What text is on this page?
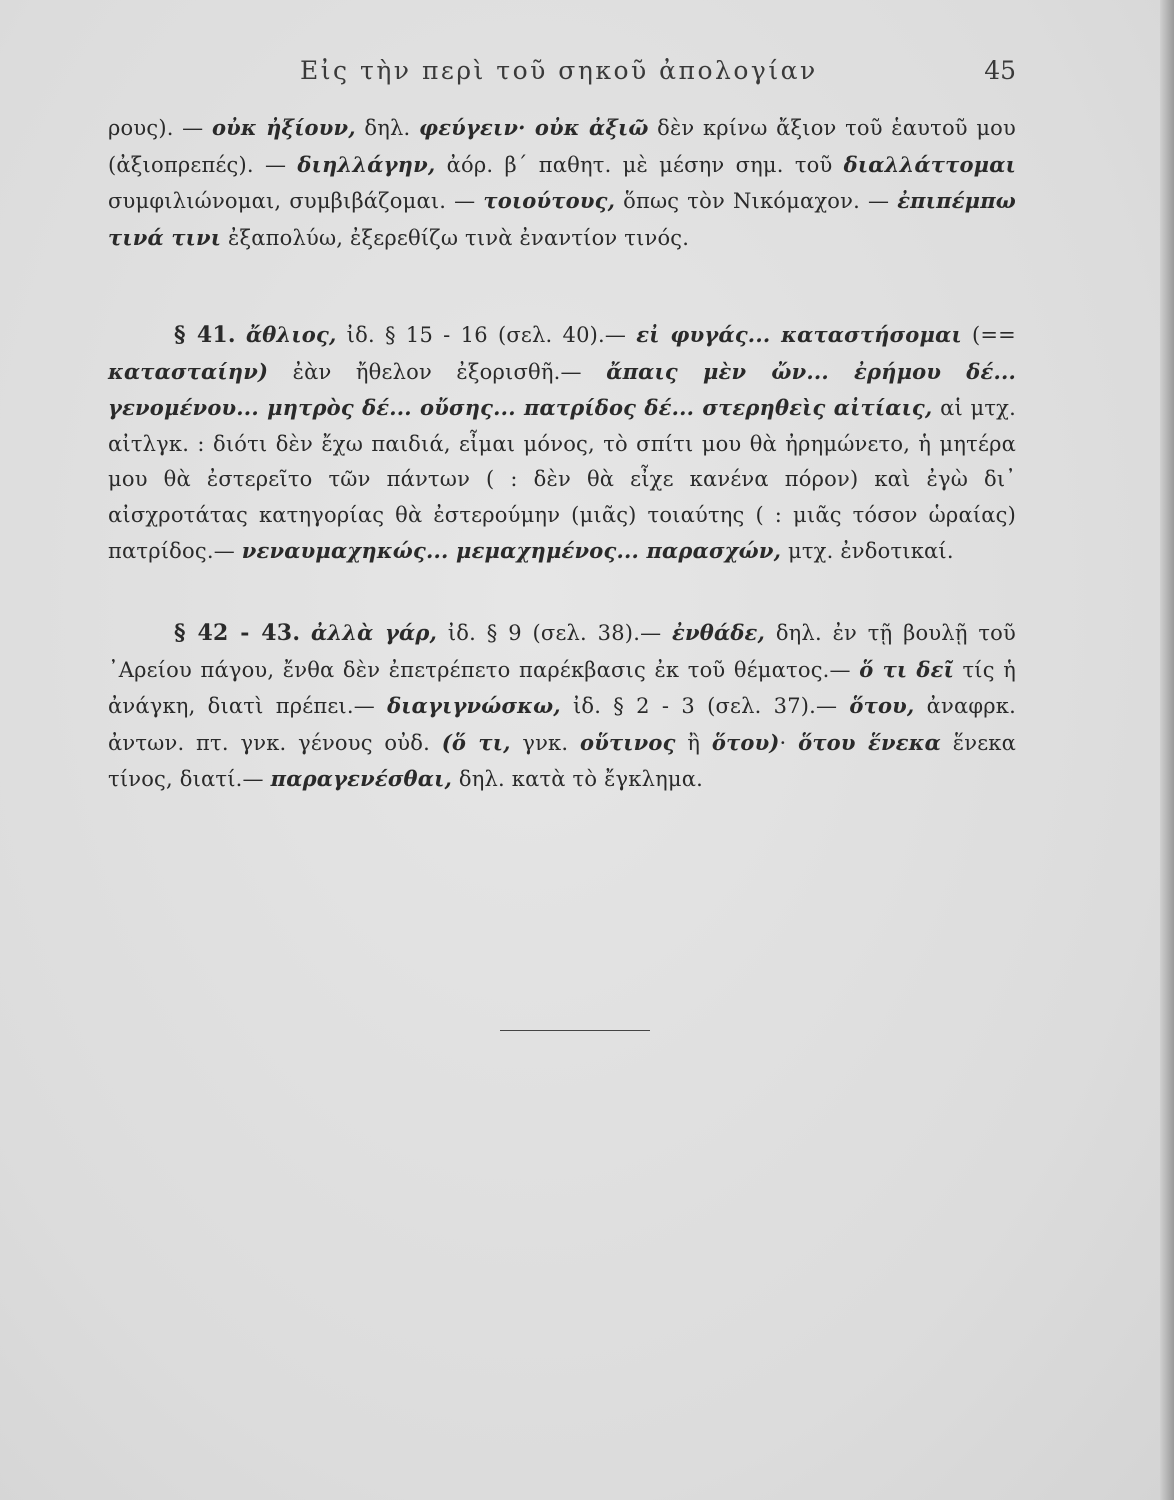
Εἰς τὴν περὶ τοῦ σηκοῦ ἀπολογίαν	45

ρους). — οὐκ ἠξίουν, δηλ. φεύγειν· οὐκ ἀξιῶ δὲν κρίνω ἄξιον τοῦ ἑαυτοῦ μου (ἀξιοπρεπές). — διηλλάγην, ἀόρ. β΄ παθητ. μὲ μέσην σημ. τοῦ διαλλάττομαι συμφιλιώνομαι, συμβιβάζομαι. — τοιούτους, ὅπως τὸν Νικόμαχον. — ἐπιπέμπω τινά τινι ἐξαπολύω, ἐξερεθίζω τινὰ ἐναντίον τινός.

§ 41. ἄθλιος, ἰδ. § 15 - 16 (σελ. 40).— εἰ φυγάς... καταστήσομαι (== κατασταίην) ἐὰν ἤθελον ἐξορισθῆ.— ἄπαις μὲν ὤν... ἐρήμου δέ... γενομένου... μητρὸς δέ... οὔσης... πατρίδος δέ... στερηθεὶς αἰτίαις, αἱ μτχ. αἰτλγκ. : διότι δὲν ἔχω παιδιά, εἶμαι μόνος, τὸ σπίτι μου θὰ ἠρημώνετο, ἡ μητέρα μου θὰ ἐστερεῖτο τῶν πάντων ( : δὲν θὰ εἶχε κανένα πόρον) καὶ ἐγὼ δι᾿ αἰσχροτάτας κατηγορίας θὰ ἐστερούμην (μιᾶς) τοιαύτης ( : μιᾶς τόσον ὡραίας) πατρίδος.— νεναυμαχηκώς... μεμαχημένος... παρασχών, μτχ. ἐνδοτικαί.

§ 42 - 43. ἀλλὰ γάρ, ἰδ. § 9 (σελ. 38).— ἐνθάδε, δηλ. ἐν τῇ βουλῇ τοῦ ᾿Αρείου πάγου, ἔνθα δὲν ἐπετρέπετο παρέκβασις ἐκ τοῦ θέματος.— ὅ τι δεῖ τίς ἡ ἀνάγκη, διατὶ πρέπει.— διαγιγνώσκω, ἰδ. § 2 - 3 (σελ. 37).— ὅτου, ἀναφρκ. ἀντων. πτ. γνκ. γένους οὐδ. (ὅ τι, γνκ. οὕτινος ἢ ὅτου)· ὅτου ἕνεκα ἕνεκα τίνος, διατί.— παραγενέσθαι, δηλ. κατὰ τὸ ἔγκλημα.
